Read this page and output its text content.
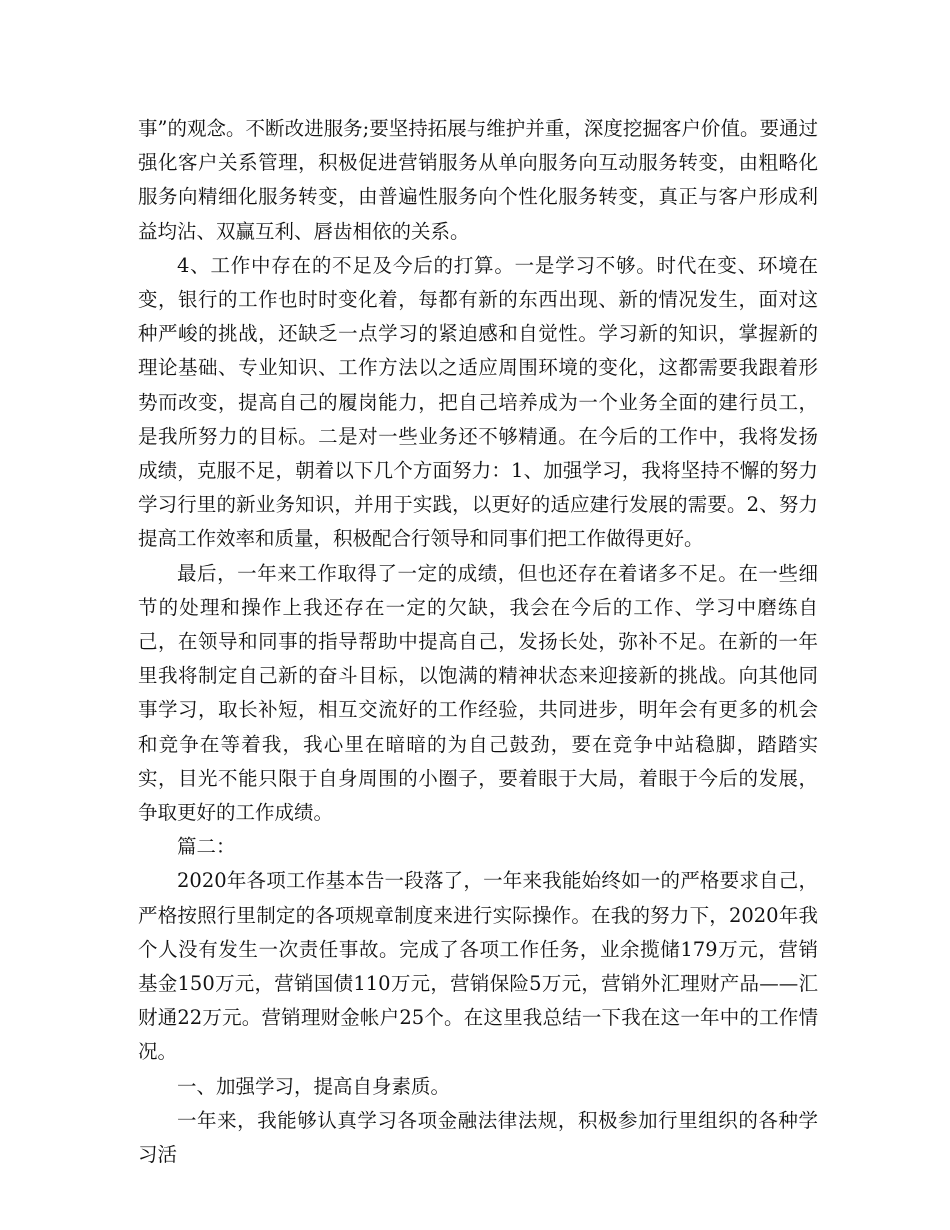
事”的观念。不断改进服务;要坚持拓展与维护并重，深度挖掘客户价值。要通过强化客户关系管理，积极促进营销服务从单向服务向互动服务转变，由粗略化服务向精细化服务转变，由普遍性服务向个性化服务转变，真正与客户形成利益均沾、双赢互利、唇齿相依的关系。

4、工作中存在的不足及今后的打算。一是学习不够。时代在变、环境在变，银行的工作也时时变化着，每都有新的东西出现、新的情况发生，面对这种严峻的挑战，还缺乏一点学习的紧迫感和自觉性。学习新的知识，掌握新的理论基础、专业知识、工作方法以之适应周围环境的变化，这都需要我跟着形势而改变，提高自己的履岗能力，把自己培养成为一个业务全面的建行员工，是我所努力的目标。二是对一些业务还不够精通。在今后的工作中，我将发扬成绩，克服不足，朝着以下几个方面努力：1、加强学习，我将坚持不懈的努力学习行里的新业务知识，并用于实践，以更好的适应建行发展的需要。2、努力提高工作效率和质量，积极配合行领导和同事们把工作做得更好。

最后，一年来工作取得了一定的成绩，但也还存在着诸多不足。在一些细节的处理和操作上我还存在一定的欠缺，我会在今后的工作、学习中磨练自己，在领导和同事的指导帮助中提高自己，发扬长处，弥补不足。在新的一年里我将制定自己新的奋斗目标，以饱满的精神状态来迎接新的挑战。向其他同事学习，取长补短，相互交流好的工作经验，共同进步，明年会有更多的机会和竞争在等着我，我心里在暗暗的为自己鼓劲，要在竞争中站稳脚，踏踏实实，目光不能只限于自身周围的小圈子，要着眼于大局，着眼于今后的发展，争取更好的工作成绩。

篇二：

2020年各项工作基本告一段落了，一年来我能始终如一的严格要求自己，严格按照行里制定的各项规章制度来进行实际操作。在我的努力下，2020年我个人没有发生一次责任事故。完成了各项工作任务，业余揽储179万元，营销基金150万元，营销国债110万元，营销保险5万元，营销外汇理财产品——汇财通22万元。营销理财金帐户25个。在这里我总结一下我在这一年中的工作情况。

一、加强学习，提高自身素质。

一年来，我能够认真学习各项金融法律法规，积极参加行里组织的各种学习活
